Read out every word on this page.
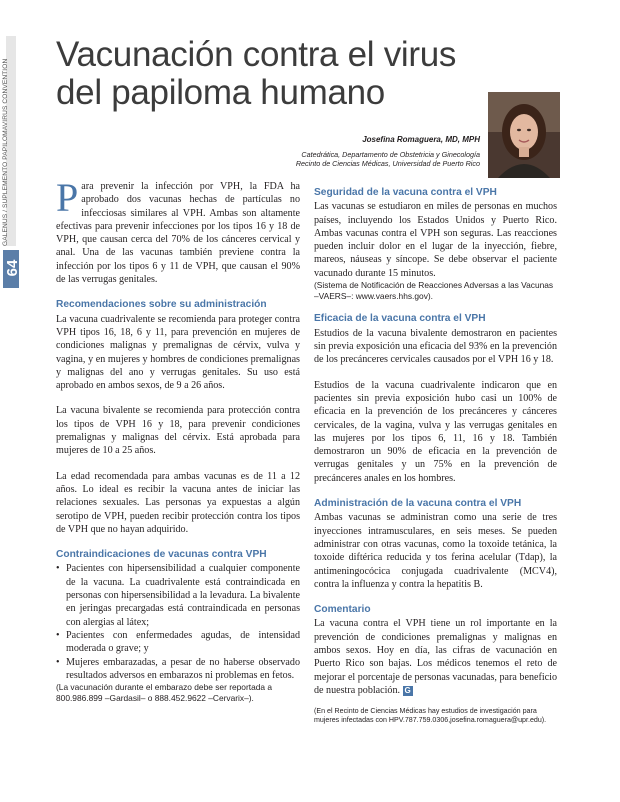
GALENUS / SUPLEMENTO PAPILOMAVIRUS CONVENTION
64
Vacunación contra el virus del papiloma humano
Josefina Romaguera, MD, MPH
Catedrática, Departamento de Obstetricia y Ginecología
Recinto de Ciencias Médicas, Universidad de Puerto Rico

Para prevenir la infección por VPH, la FDA ha aprobado dos vacunas hechas de partículas no infecciosas similares al VPH. Ambas son altamente efectivas para prevenir infecciones por los tipos 16 y 18 de VPH, que causan cerca del 70% de los cánceres cervical y anal. Una de las vacunas también previene contra la infección por los tipos 6 y 11 de VPH, que causan el 90% de las verrugas genitales.

Recomendaciones sobre su administración

La vacuna cuadrivalente se recomienda para proteger contra VPH tipos 16, 18, 6 y 11, para prevención en mujeres de condiciones malignas y premalignas de cérvix, vulva y vagina, y en mujeres y hombres de condiciones premalignas y malignas del ano y verrugas genitales. Su uso está aprobado en ambos sexos, de 9 a 26 años.

La vacuna bivalente se recomienda para protección contra los tipos de VPH 16 y 18, para prevenir condiciones premalignas y malignas del cérvix. Está aprobada para mujeres de 10 a 25 años.

La edad recomendada para ambas vacunas es de 11 a 12 años. Lo ideal es recibir la vacuna antes de iniciar las relaciones sexuales. Las personas ya expuestas a algún serotipo de VPH, pueden recibir protección contra los tipos de VPH que no hayan adquirido.

Contraindicaciones de vacunas contra VPH
• Pacientes con hipersensibilidad a cualquier componente de la vacuna. La cuadrivalente está contraindicada en personas con hipersensibilidad a la levadura. La bivalente en jeringas precargadas está contraindicada en personas con alergias al látex;
• Pacientes con enfermedades agudas, de intensidad moderada o grave; y
• Mujeres embarazadas, a pesar de no haberse observado resultados adversos en embarazos ni problemas en fetos.
(La vacunación durante el embarazo debe ser reportada a 800.986.899 –Gardasil– o 888.452.9622 –Cervarix–).
Seguridad de la vacuna contra el VPH

Las vacunas se estudiaron en miles de personas en muchos países, incluyendo los Estados Unidos y Puerto Rico. Ambas vacunas contra el VPH son seguras. Las reacciones pueden incluir dolor en el lugar de la inyección, fiebre, mareos, náuseas y síncope. Se debe observar el paciente vacunado durante 15 minutos.

(Sistema de Notificación de Reacciones Adversas a las Vacunas –VAERS–: www.vaers.hhs.gov).
Eficacia de la vacuna contra el VPH

Estudios de la vacuna bivalente demostraron en pacientes sin previa exposición una eficacia del 93% en la prevención de los precánceres cervicales causados por el VPH 16 y 18.

Estudios de la vacuna cuadrivalente indicaron que en pacientes sin previa exposición hubo casi un 100% de eficacia en la prevención de los precánceres y cánceres cervicales, de la vagina, vulva y las verrugas genitales en las mujeres por los tipos 6, 11, 16 y 18. También demostraron un 90% de eficacia en la prevención de verrugas genitales y un 75% en la prevención de precánceres anales en los hombres.

Administración de la vacuna contra el VPH

Ambas vacunas se administran como una serie de tres inyecciones intramusculares, en seis meses. Se pueden administrar con otras vacunas, como la toxoide tetánica, la toxoide diftérica reducida y tos ferina acelular (Tdap), la antimeningocócica conjugada cuadrivalente (MCV4), contra la influenza y contra la hepatitis B.

Comentario

La vacuna contra el VPH tiene un rol importante en la prevención de condiciones premalignas y malignas en ambos sexos. Hoy en día, las cifras de vacunación en Puerto Rico son bajas. Los médicos tenemos el reto de mejorar el porcentaje de personas vacunadas, para beneficio de nuestra población. G

(En el Recinto de Ciencias Médicas hay estudios de investigación para mujeres infectadas con HPV.787.759.0306,josefina.romaguera@upr.edu).
